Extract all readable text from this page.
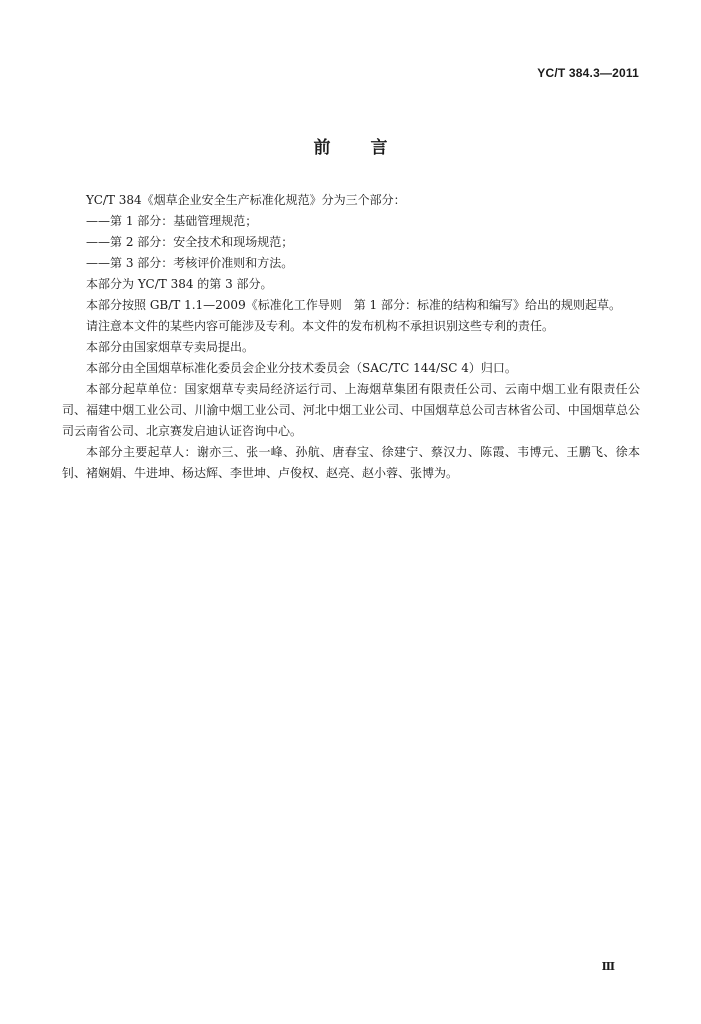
YC/T 384.3—2011
前 言

YC/T 384《烟草企业安全生产标准化规范》分为三个部分：

——第 1 部分：基础管理规范；

——第 2 部分：安全技术和现场规范；

——第 3 部分：考核评价准则和方法。

本部分为 YC/T 384 的第 3 部分。

本部分按照 GB/T 1.1—2009《标准化工作导则　第 1 部分：标准的结构和编写》给出的规则起草。

请注意本文件的某些内容可能涉及专利。本文件的发布机构不承担识别这些专利的责任。

本部分由国家烟草专卖局提出。

本部分由全国烟草标准化委员会企业分技术委员会（SAC/TC 144/SC 4）归口。

本部分起草单位：国家烟草专卖局经济运行司、上海烟草集团有限责任公司、云南中烟工业有限责任公司、福建中烟工业公司、川渝中烟工业公司、河北中烟工业公司、中国烟草总公司吉林省公司、中国烟草总公司云南省公司、北京赛发启迪认证咨询中心。

本部分主要起草人：谢亦三、张一峰、孙航、唐春宝、徐建宁、蔡汉力、陈霞、韦博元、王鹏飞、徐本钊、褚娴娟、牛进坤、杨达辉、李世坤、卢俊权、赵亮、赵小蓉、张博为。

Ⅲ
